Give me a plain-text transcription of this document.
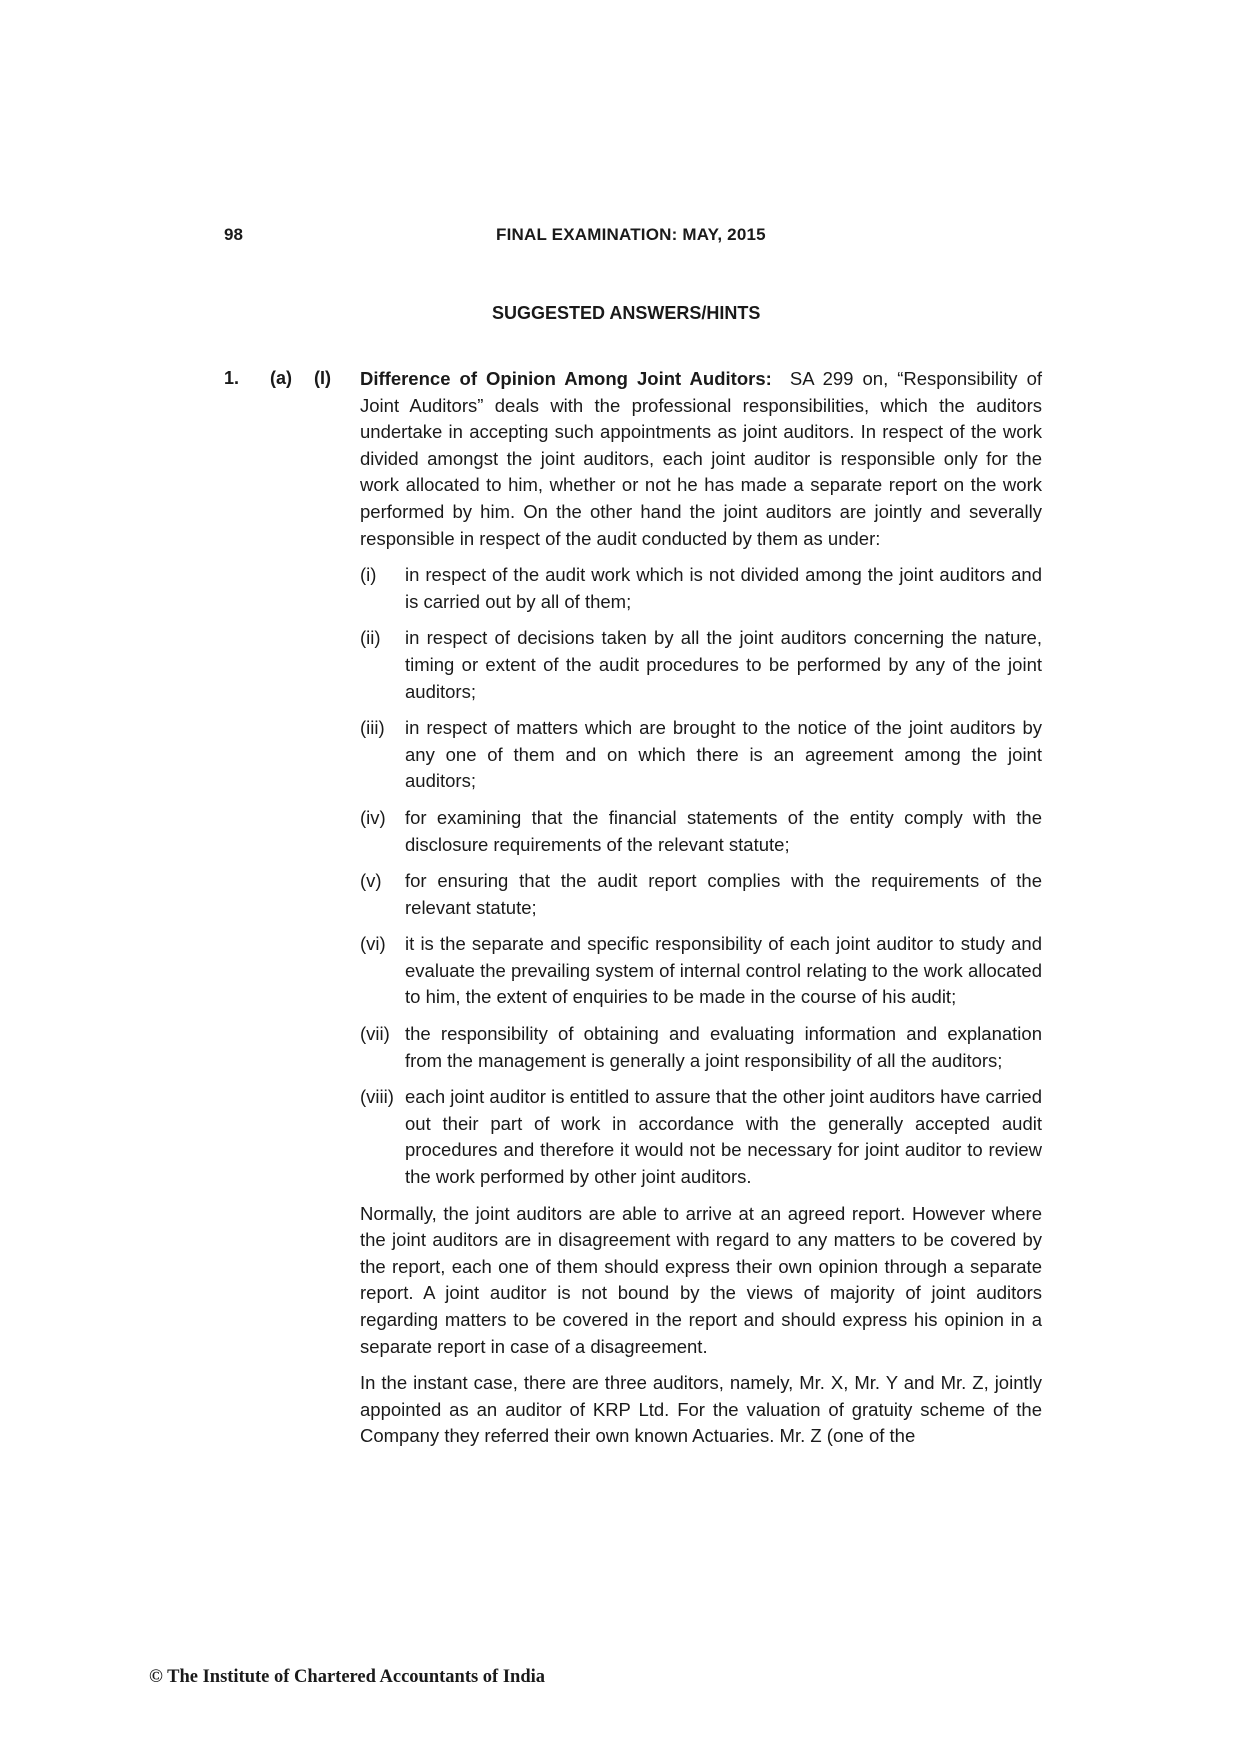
98	FINAL EXAMINATION: MAY, 2015
SUGGESTED ANSWERS/HINTS
1. (a) (I) Difference of Opinion Among Joint Auditors: SA 299 on, “Responsibility of Joint Auditors” deals with the professional responsibilities, which the auditors undertake in accepting such appointments as joint auditors. In respect of the work divided amongst the joint auditors, each joint auditor is responsible only for the work allocated to him, whether or not he has made a separate report on the work performed by him. On the other hand the joint auditors are jointly and severally responsible in respect of the audit conducted by them as under:

(i)	in respect of the audit work which is not divided among the joint auditors and is carried out by all of them;
(ii)	in respect of decisions taken by all the joint auditors concerning the nature, timing or extent of the audit procedures to be performed by any of the joint auditors;
(iii)	in respect of matters which are brought to the notice of the joint auditors by any one of them and on which there is an agreement among the joint auditors;
(iv)	for examining that the financial statements of the entity comply with the disclosure requirements of the relevant statute;
(v)	for ensuring that the audit report complies with the requirements of the relevant statute;
(vi)	it is the separate and specific responsibility of each joint auditor to study and evaluate the prevailing system of internal control relating to the work allocated to him, the extent of enquiries to be made in the course of his audit;
(vii) the responsibility of obtaining and evaluating information and explanation from the management is generally a joint responsibility of all the auditors;
(viii) each joint auditor is entitled to assure that the other joint auditors have carried out their part of work in accordance with the generally accepted audit procedures and therefore it would not be necessary for joint auditor to review the work performed by other joint auditors.

Normally, the joint auditors are able to arrive at an agreed report. However where the joint auditors are in disagreement with regard to any matters to be covered by the report, each one of them should express their own opinion through a separate report. A joint auditor is not bound by the views of majority of joint auditors regarding matters to be covered in the report and should express his opinion in a separate report in case of a disagreement.

In the instant case, there are three auditors, namely, Mr. X, Mr. Y and Mr. Z, jointly appointed as an auditor of KRP Ltd. For the valuation of gratuity scheme of the Company they referred their own known Actuaries. Mr. Z (one of the

© The Institute of Chartered Accountants of India
